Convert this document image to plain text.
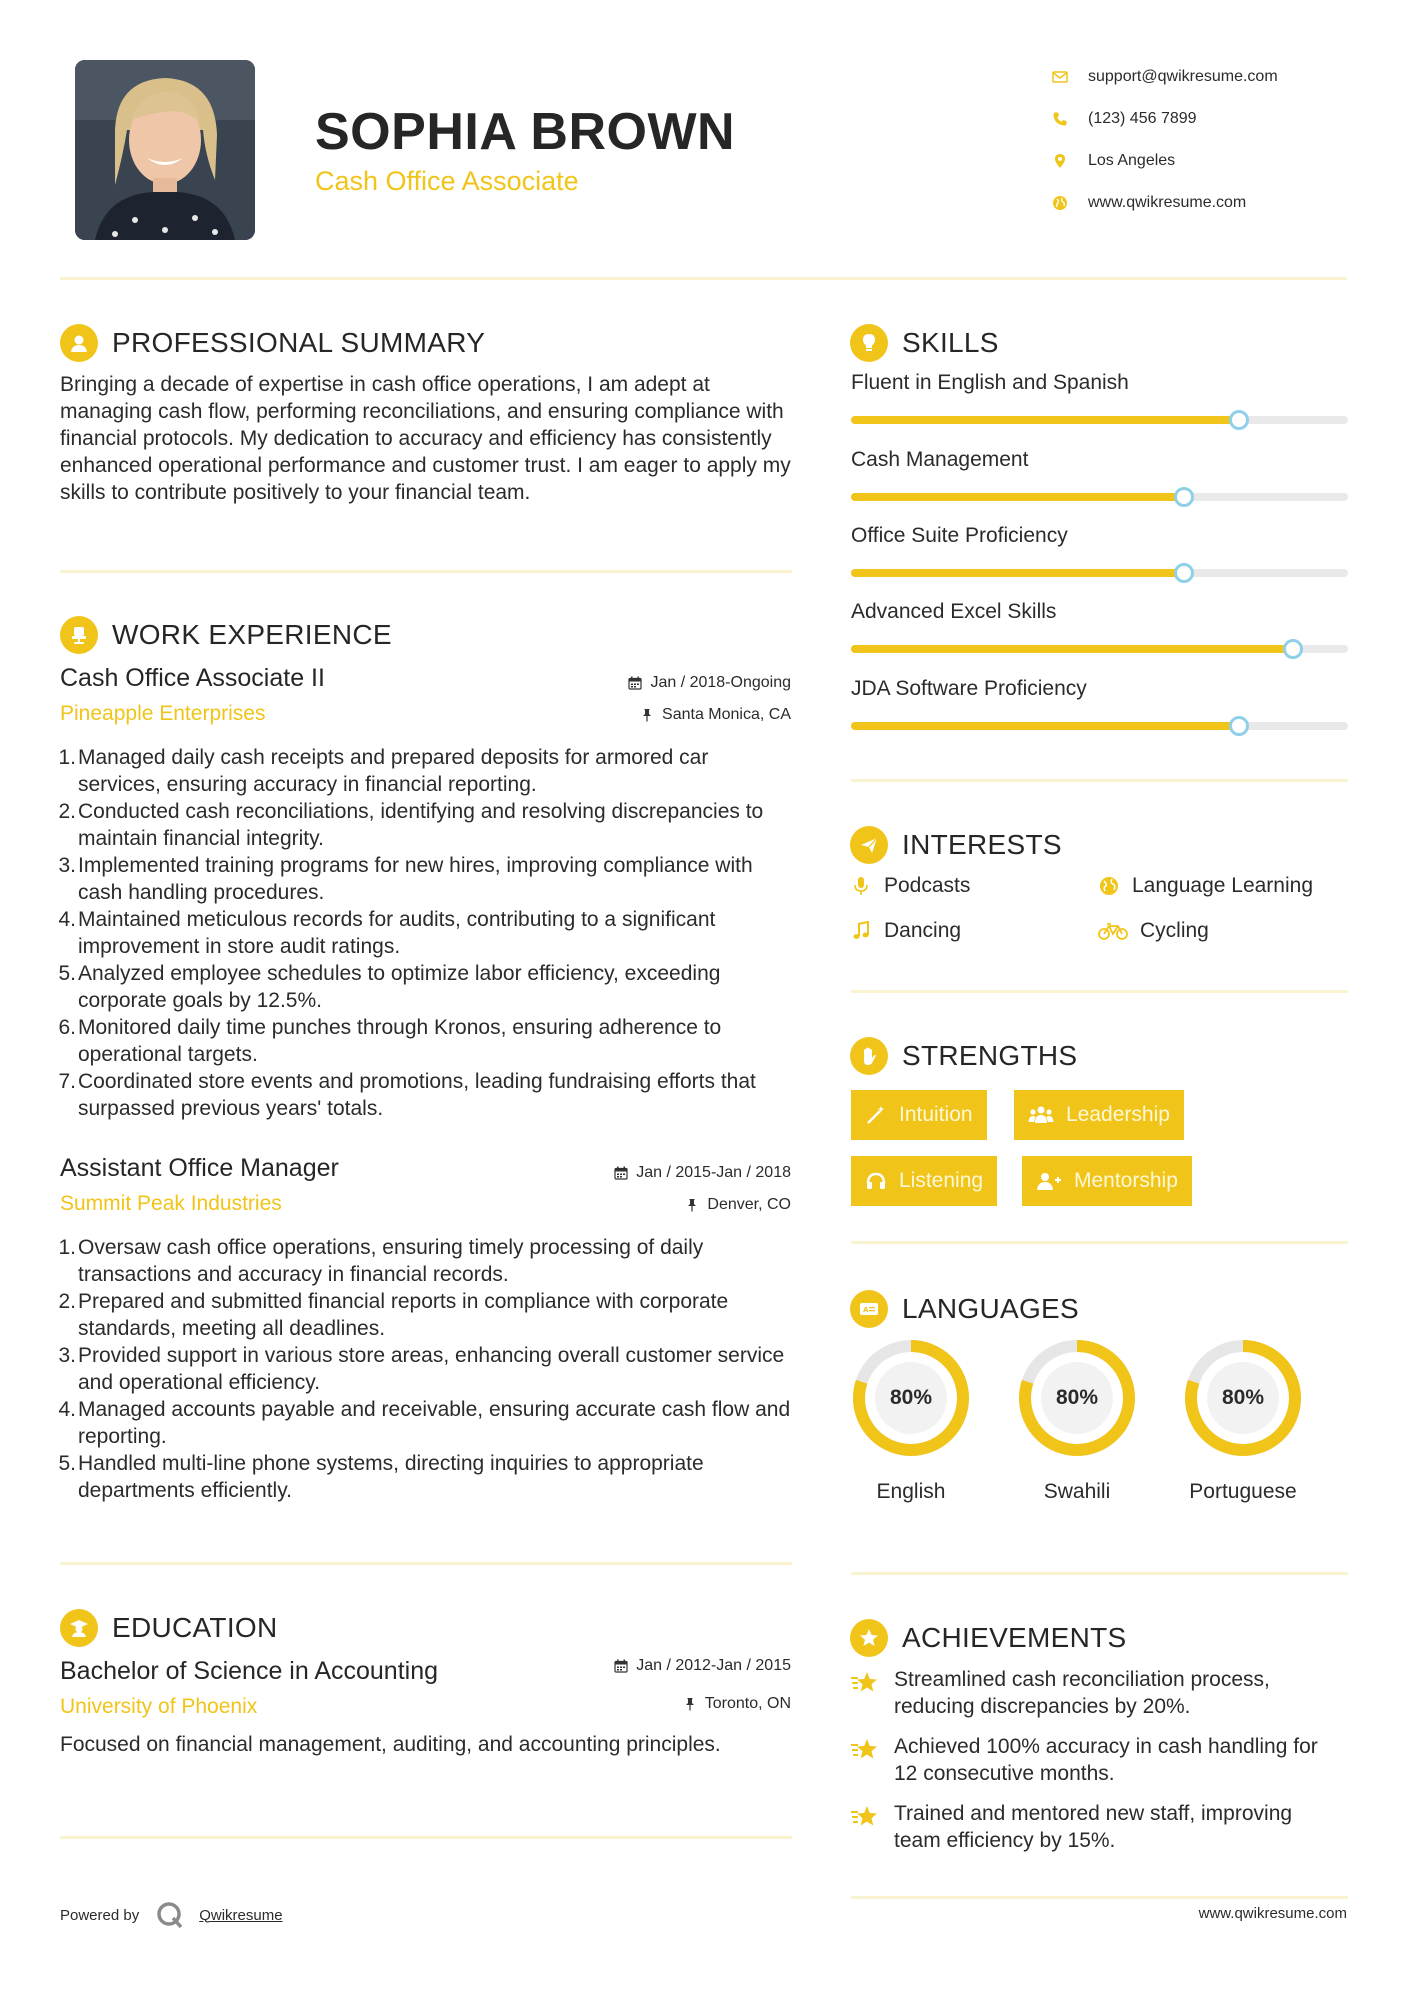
SOPHIA BROWN
Cash Office Associate
support@qwikresume.com
(123) 456 7899
Los Angeles
www.qwikresume.com
PROFESSIONAL SUMMARY
Bringing a decade of expertise in cash office operations, I am adept at managing cash flow, performing reconciliations, and ensuring compliance with financial protocols. My dedication to accuracy and efficiency has consistently enhanced operational performance and customer trust. I am eager to apply my skills to contribute positively to your financial team.
WORK EXPERIENCE
Cash Office Associate II
Pineapple Enterprises
Jan / 2018-Ongoing
Santa Monica, CA
1. Managed daily cash receipts and prepared deposits for armored car services, ensuring accuracy in financial reporting.
2. Conducted cash reconciliations, identifying and resolving discrepancies to maintain financial integrity.
3. Implemented training programs for new hires, improving compliance with cash handling procedures.
4. Maintained meticulous records for audits, contributing to a significant improvement in store audit ratings.
5. Analyzed employee schedules to optimize labor efficiency, exceeding corporate goals by 12.5%.
6. Monitored daily time punches through Kronos, ensuring adherence to operational targets.
7. Coordinated store events and promotions, leading fundraising efforts that surpassed previous years' totals.
Assistant Office Manager
Summit Peak Industries
Jan / 2015-Jan / 2018
Denver, CO
1. Oversaw cash office operations, ensuring timely processing of daily transactions and accuracy in financial records.
2. Prepared and submitted financial reports in compliance with corporate standards, meeting all deadlines.
3. Provided support in various store areas, enhancing overall customer service and operational efficiency.
4. Managed accounts payable and receivable, ensuring accurate cash flow and reporting.
5. Handled multi-line phone systems, directing inquiries to appropriate departments efficiently.
EDUCATION
Bachelor of Science in Accounting
University of Phoenix
Jan / 2012-Jan / 2015
Toronto, ON
Focused on financial management, auditing, and accounting principles.
SKILLS
Fluent in English and Spanish
Cash Management
Office Suite Proficiency
Advanced Excel Skills
JDA Software Proficiency
INTERESTS
Podcasts	Language Learning
Dancing	Cycling
STRENGTHS
Intuition	Leadership
Listening	Mentorship
A LANGUAGES
80%
English
80%
Swahili
80%
Portuguese
ACHIEVEMENTS
Streamlined cash reconciliation process, reducing discrepancies by 20%.
Achieved 100% accuracy in cash handling for 12 consecutive months.
Trained and mentored new staff, improving team efficiency by 15%.
Powered by	Qwikresume	www.qwikresume.com
